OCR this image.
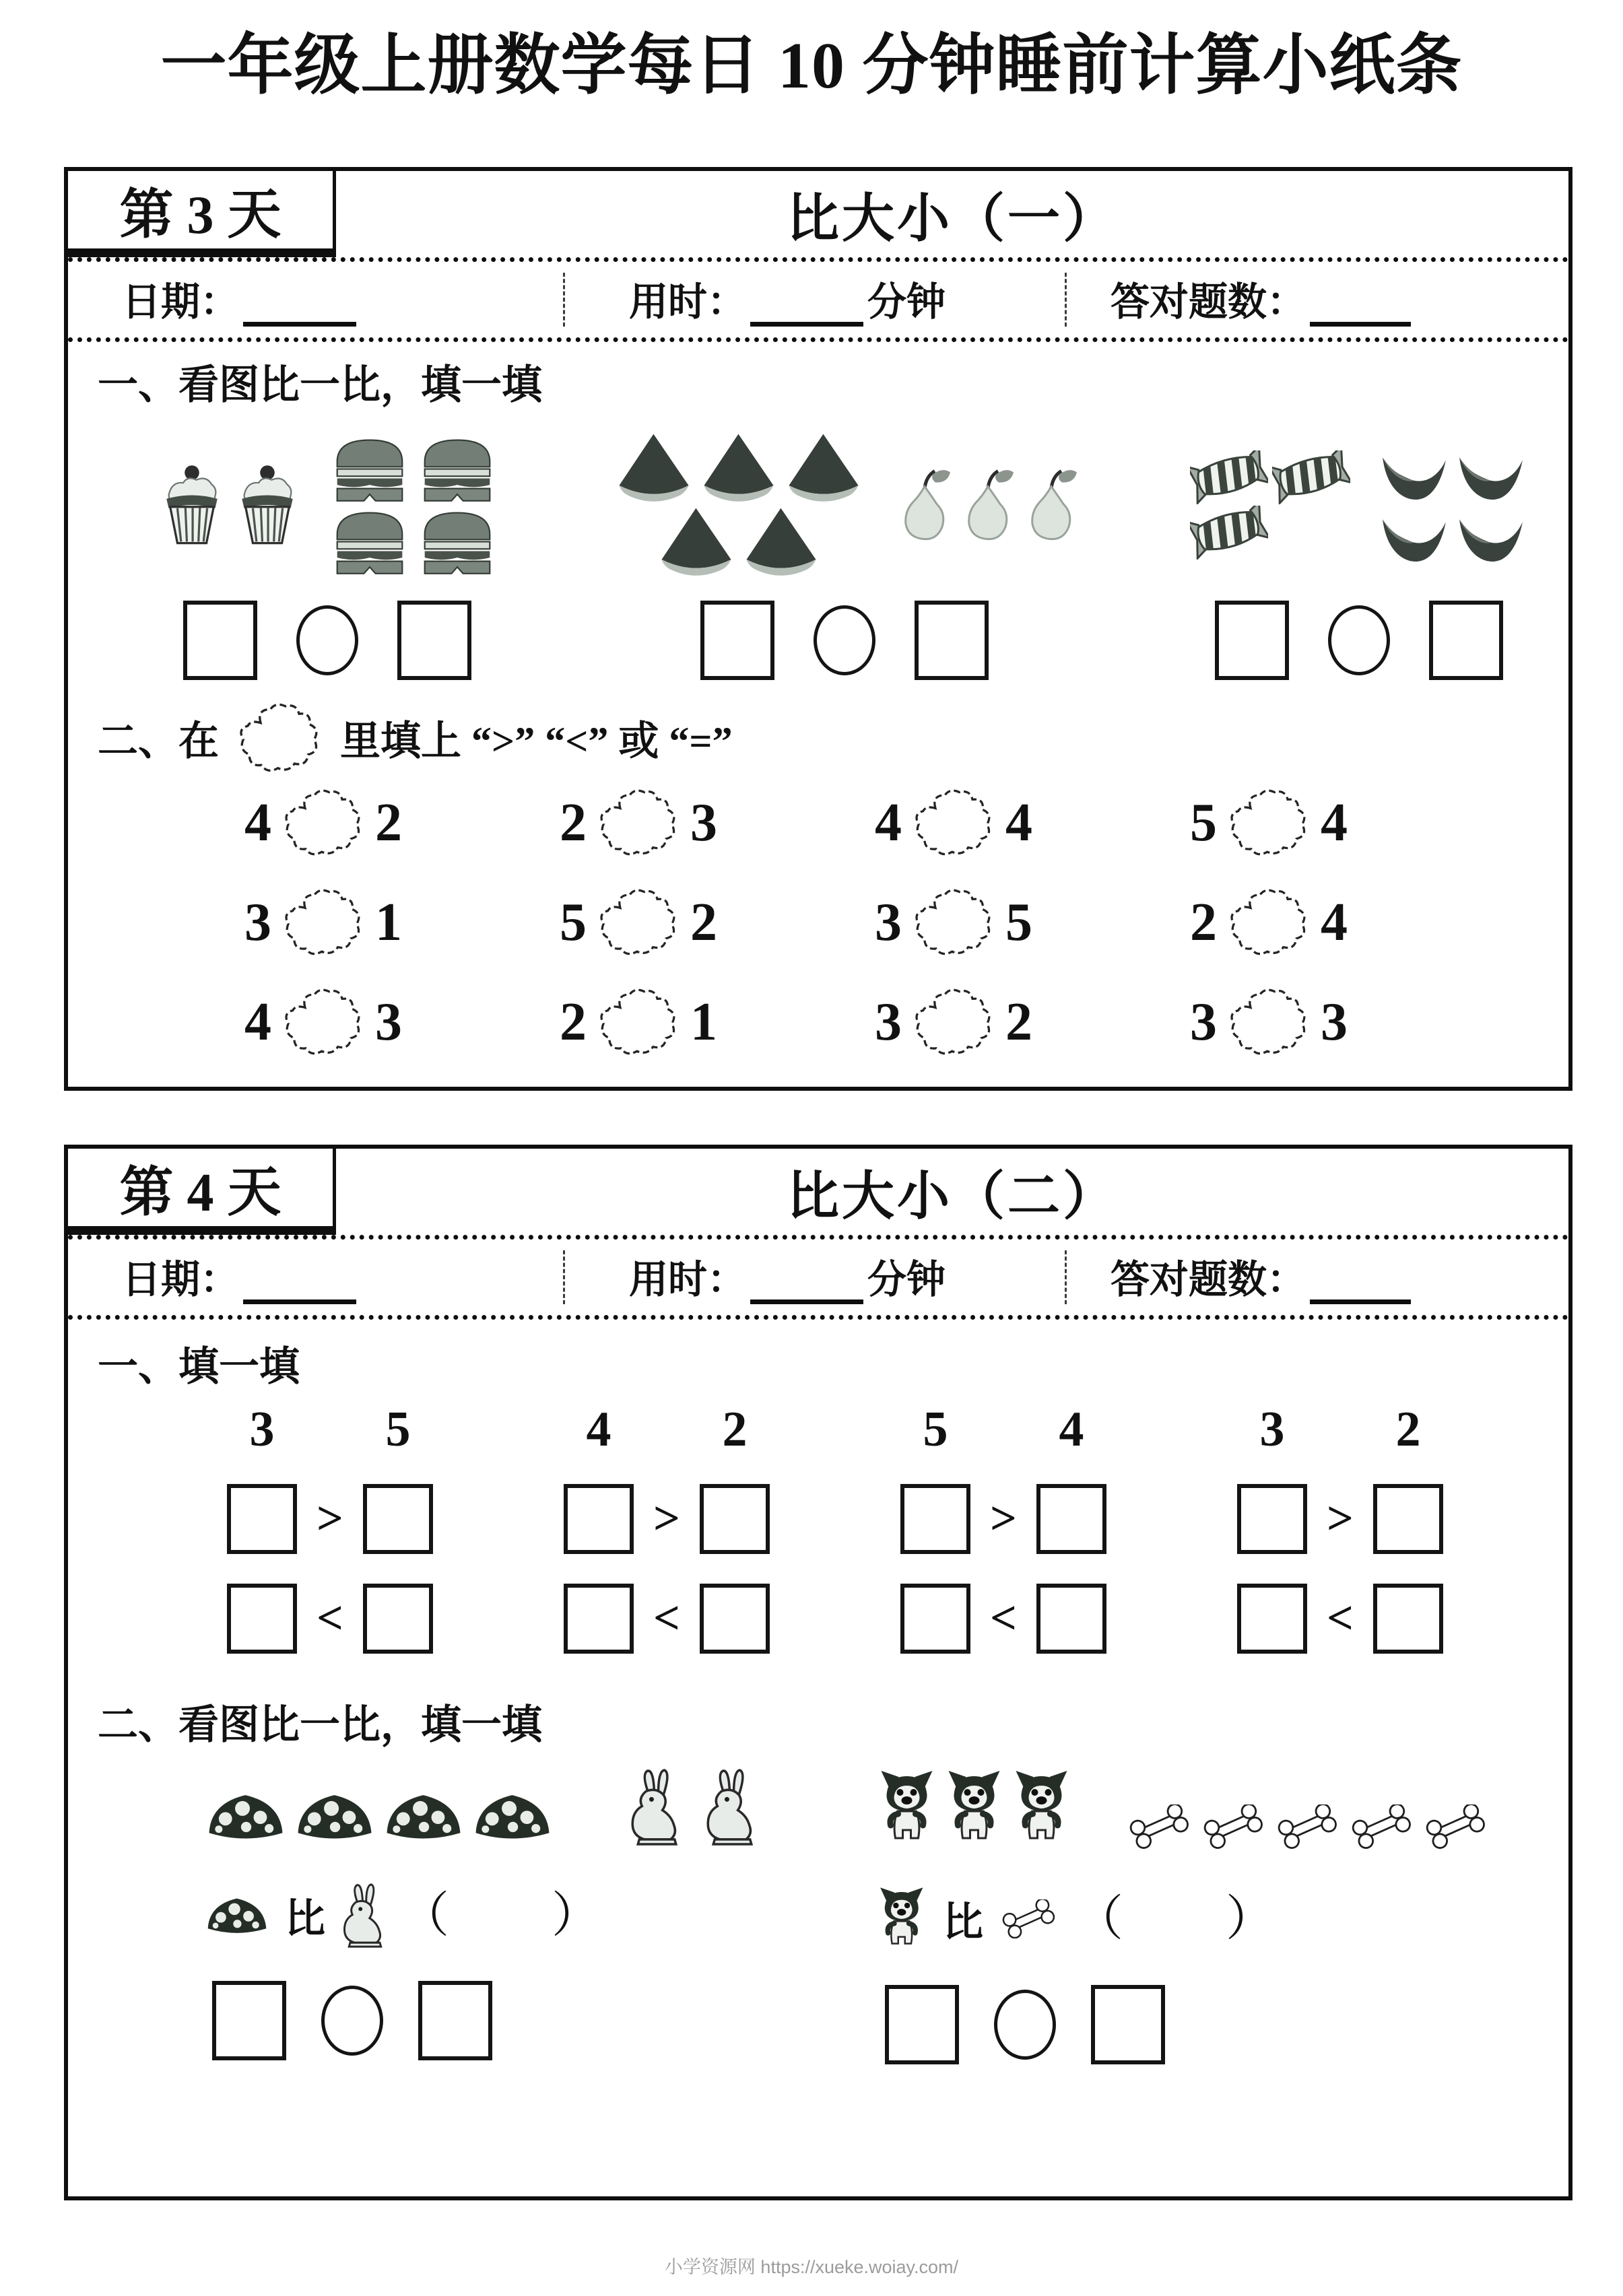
一年级上册数学每日 10 分钟睡前计算小纸条
第 3 天	比大小（一）
日期：	用时：	分钟	答对题数：
一、看图比一比，填一填
二、在	里填上 “>” “<” 或 “=”
4 2	2 3	4 4	5 4
3 1	5 2	3 5	2 4
4 3	2 1	3 2	3 3
第 4 天	比大小（二）
日期：	用时：	分钟	答对题数：
一、填一填
3 5
>
<
4 2
>
<
5 4
>
<
3 2
>
<
二、看图比一比，填一填
比 （ ）	比 （ ）
小学资源网 https://xueke.woiay.com/
